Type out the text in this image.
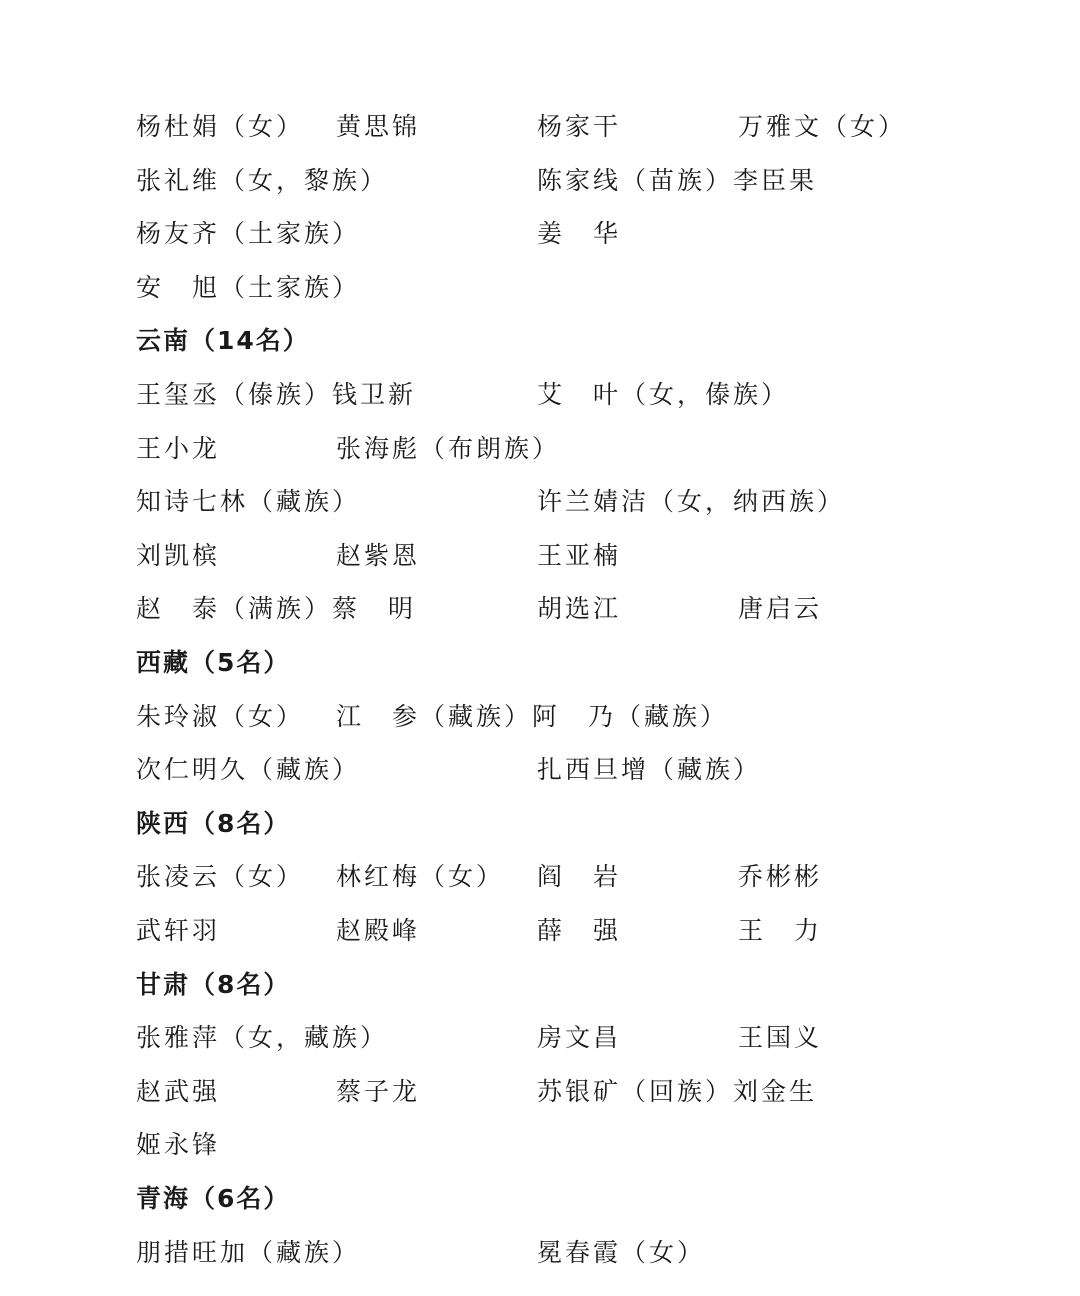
杨杜娟（女） 黄思锦	杨家干	万雅文（女）
张礼维（女，黎族）	陈家线（苗族）李臣果
杨友齐（土家族）	姜　华
安　旭（土家族）
云南（14名）
王玺丞（傣族）钱卫新	艾　叶（女，傣族）
王小龙	张海彪（布朗族）
知诗七林（藏族）	许兰婧洁（女，纳西族）
刘凯槟	赵紫恩	王亚楠
赵　泰（满族）蔡　明	胡选江	唐启云
西藏（5名）
朱玲淑（女） 江　参（藏族）阿　乃（藏族）
次仁明久（藏族）	扎西旦增（藏族）
陕西（8名）
张凌云（女） 林红梅（女） 阎　岩	乔彬彬
武轩羽	赵殿峰	薛　强	王　力
甘肃（8名）
张雅萍（女，藏族）	房文昌	王国义
赵武强	蔡子龙	苏银矿（回族）刘金生
姬永锋
青海（6名）
朋措旺加（藏族）	冕春霞（女）
